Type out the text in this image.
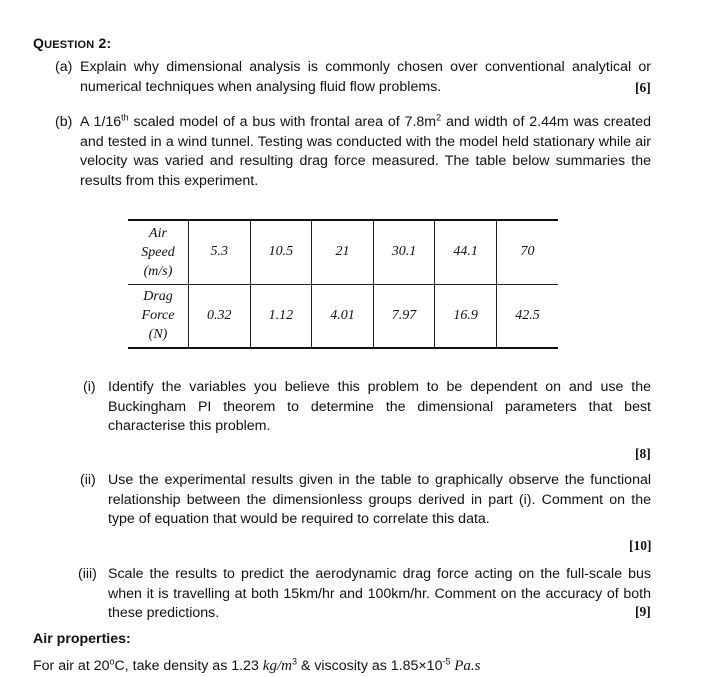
QUESTION 2:
(a) Explain why dimensional analysis is commonly chosen over conventional analytical or numerical techniques when analysing fluid flow problems.	[6]
(b) A 1/16th scaled model of a bus with frontal area of $7.8m^2$ and width of 2.44m was created and tested in a wind tunnel. Testing was conducted with the model held stationary while air velocity was varied and resulting drag force measured. The table below summaries the results from this experiment.
Air
Speed
(m/s)	5.3	10.5	21	30.1	44.1	70
Drag
Force
(N)	0.32	1.12	4.01	7.97	16.9	42.5
(i) Identify the variables you believe this problem to be dependent on and use the Buckingham PI theorem to determine the dimensional parameters that best characterise this problem.
[8]
(ii) Use the experimental results given in the table to graphically observe the functional relationship between the dimensionless groups derived in part (i). Comment on the type of equation that would be required to correlate this data.
[10]
(iii) Scale the results to predict the aerodynamic drag force acting on the full-scale bus when it is travelling at both 15km/hr and 100km/hr. Comment on the accuracy of both these predictions.	[9]
Air properties:
For air at 20$^o$C, take density as 1.23 $kg/m^3$ & viscosity as $1.85\times 10^{-5}$ Pa.s
